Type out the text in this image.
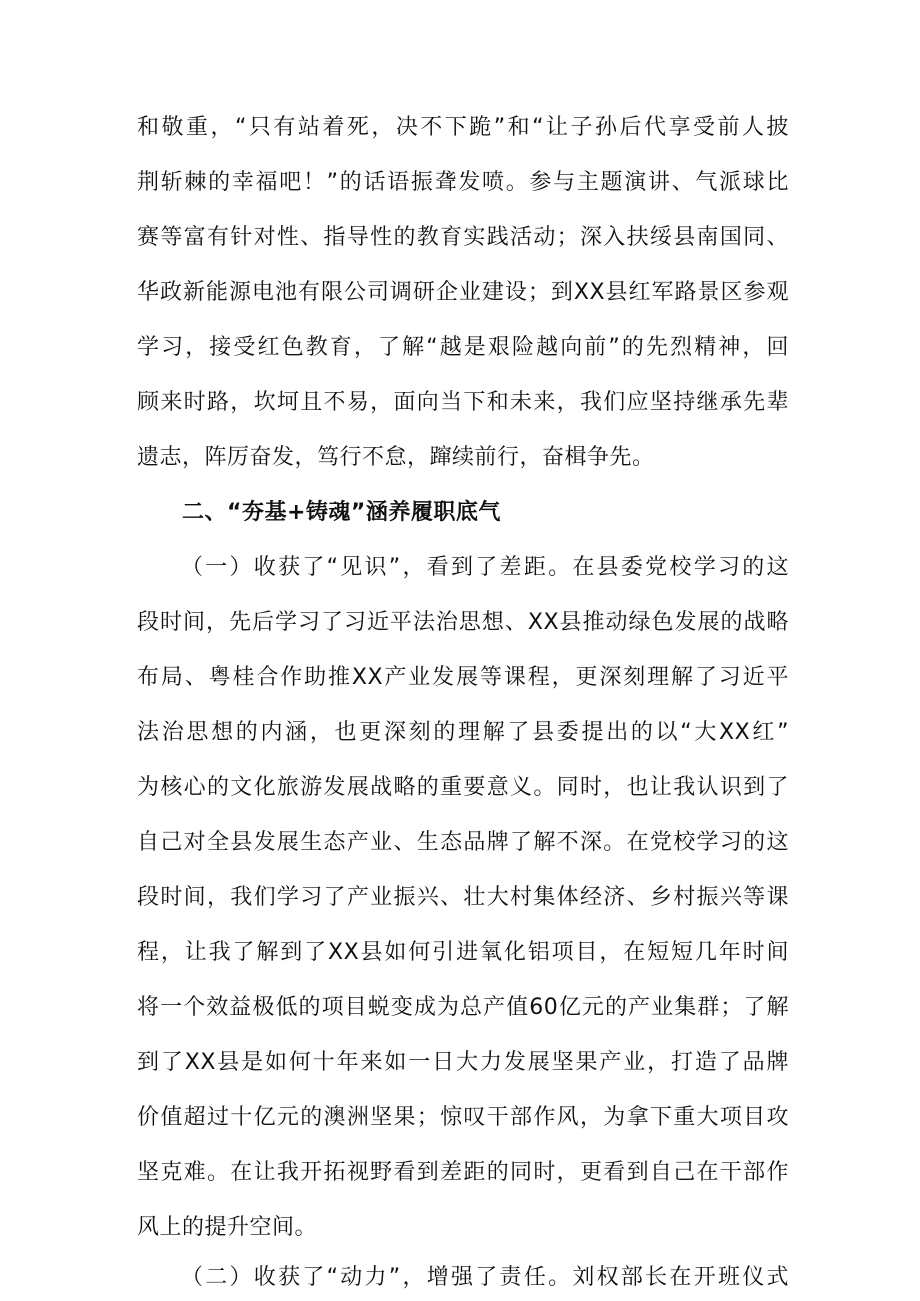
和敬重，“只有站着死，决不下跪”和“让子孙后代享受前人披
荆斩棘的幸福吧！”的话语振聋发喷。参与主题演讲、气派球比
赛等富有针对性、指导性的教育实践活动；深入扶绥县南国同、
华政新能源电池有限公司调研企业建设；到XX县红军路景区参观
学习，接受红色教育，了解“越是艰险越向前”的先烈精神，回
顾来时路，坎坷且不易，面向当下和未来，我们应坚持继承先辈
遗志，阵厉奋发，笃行不怠，蹿续前行，奋楫争先。
二、“夯基+铸魂”涵养履职底气
（一）收获了“见识”，看到了差距。在县委党校学习的这
段时间，先后学习了习近平法治思想、XX县推动绿色发展的战略
布局、粤桂合作助推XX产业发展等课程，更深刻理解了习近平
法治思想的内涵，也更深刻的理解了县委提出的以“大XX红”
为核心的文化旅游发展战略的重要意义。同时，也让我认识到了
自己对全县发展生态产业、生态品牌了解不深。在党校学习的这
段时间，我们学习了产业振兴、壮大村集体经济、乡村振兴等课
程，让我了解到了XX县如何引进氧化铝项目，在短短几年时间
将一个效益极低的项目蜕变成为总产值60亿元的产业集群；了解
到了XX县是如何十年来如一日大力发展坚果产业，打造了品牌
价值超过十亿元的澳洲坚果；惊叹干部作风，为拿下重大项目攻
坚克难。在让我开拓视野看到差距的同时，更看到自己在干部作
风上的提升空间。
（二）收获了“动力”，增强了责任。刘权部长在开班仪式
